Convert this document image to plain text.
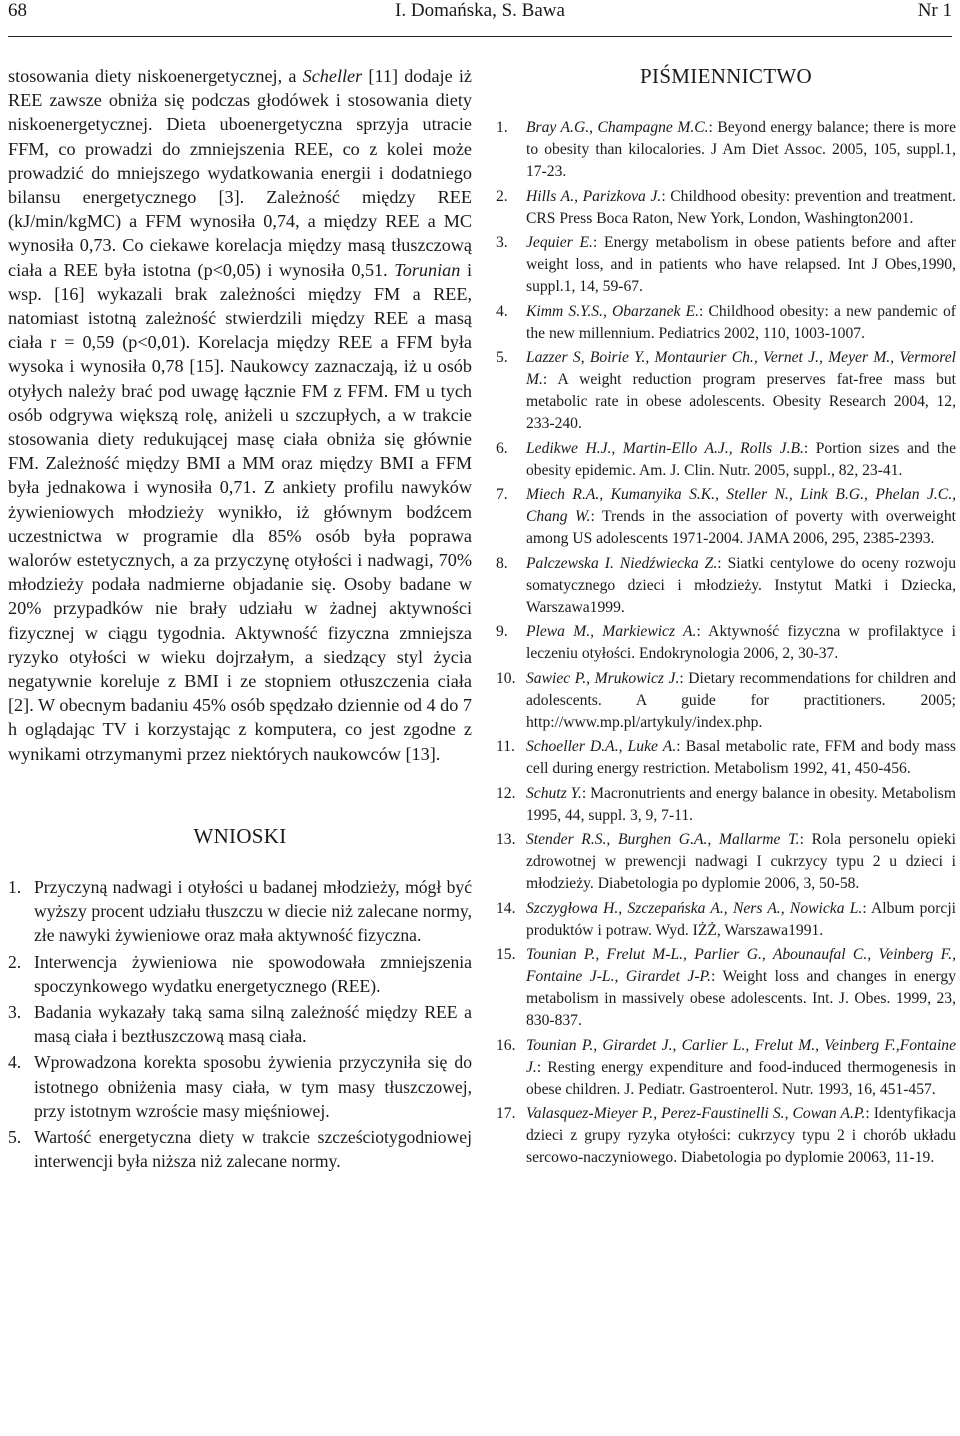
68	I. Domańska, S. Bawa	Nr 1

stosowania diety niskoenergetycznej, a Scheller [11] dodaje iż REE zawsze obniża się podczas głodówek i stosowania diety niskoenergetycznej. Dieta uboenergetyczna sprzyja utracie FFM, co prowadzi do zmniejszenia REE, co z kolei może prowadzić do mniejszego wydatkowania energii i dodatniego bilansu energetycznego [3]. Zależność między REE (kJ/min/kgMC) a FFM wynosiła 0,74, a między REE a MC wynosiła 0,73. Co ciekawe korelacja między masą tłuszczową ciała a REE była istotna (p<0,05) i wynosiła 0,51. Torunian i wsp. [16] wykazali brak zależności między FM a REE, natomiast istotną zależność stwierdzili między REE a masą ciała r = 0,59 (p<0,01). Korelacja między REE a FFM była wysoka i wynosiła 0,78 [15]. Naukowcy zaznaczają, iż u osób otyłych należy brać pod uwagę łącznie FM z FFM. FM u tych osób odgrywa większą rolę, aniżeli u szczupłych, a w trakcie stosowania diety redukującej masę ciała obniża się głównie FM. Zależność między BMI a MM oraz między BMI a FFM była jednakowa i wynosiła 0,71. Z ankiety profilu nawyków żywieniowych młodzieży wynikło, iż głównym bodźcem uczestnictwa w programie dla 85% osób była poprawa walorów estetycznych, a za przyczynę otyłości i nadwagi, 70% młodzieży podała nadmierne objadanie się. Osoby badane w 20% przypadków nie brały udziału w żadnej aktywności fizycznej w ciągu tygodnia. Aktywność fizyczna zmniejsza ryzyko otyłości w wieku dojrzałym, a siedzący styl życia negatywnie koreluje z BMI i ze stopniem otłuszczenia ciała [2]. W obecnym badaniu 45% osób spędzało dziennie od 4 do 7 h oglądając TV i korzystając z komputera, co jest zgodne z wynikami otrzymanymi przez niektórych naukowców [13].

WNIOSKI
1. Przyczyną nadwagi i otyłości u badanej młodzieży, mógł być wyższy procent udziału tłuszczu w diecie niż zalecane normy, złe nawyki żywieniowe oraz mała aktywność fizyczna.
2. Interwencja żywieniowa nie spowodowała zmniejszenia spoczynkowego wydatku energetycznego (REE).
3. Badania wykazały taką sama silną zależność między REE a masą ciała i beztłuszczową masą ciała.
4. Wprowadzona korekta sposobu żywienia przyczyniła się do istotnego obniżenia masy ciała, w tym masy tłuszczowej, przy istotnym wzroście masy mięśniowej.
5. Wartość energetyczna diety w trakcie szcześciotygodniowej interwencji była niższa niż zalecane normy.
PIŚMIENNICTWO
1. Bray A.G., Champagne M.C.: Beyond energy balance; there is more to obesity than kilocalories. J Am Diet Assoc. 2005, 105, suppl.1, 17-23.
2. Hills A., Parizkova J.: Childhood obesity: prevention and treatment. CRS Press Boca Raton, New York, London, Washington2001.
3. Jequier E.: Energy metabolism in obese patients before and after weight loss, and in patients who have relapsed. Int J Obes,1990, suppl.1, 14, 59-67.
4. Kimm S.Y.S., Obarzanek E.: Childhood obesity: a new pandemic of the new millennium. Pediatrics 2002, 110, 1003-1007.
5. Lazzer S, Boirie Y., Montaurier Ch., Vernet J., Meyer M., Vermorel M.: A weight reduction program preserves fat-free mass but metabolic rate in obese adolescents. Obesity Research 2004, 12, 233-240.
6. Ledikwe H.J., Martin-Ello A.J., Rolls J.B.: Portion sizes and the obesity epidemic. Am. J. Clin. Nutr. 2005, suppl., 82, 23-41.
7. Miech R.A., Kumanyika S.K., Steller N., Link B.G., Phelan J.C., Chang W.: Trends in the association of poverty with overweight among US adolescents 1971-2004. JAMA 2006, 295, 2385-2393.
8. Palczewska I. Niedźwiecka Z.: Siatki centylowe do oceny rozwoju somatycznego dzieci i młodzieży. Instytut Matki i Dziecka, Warszawa1999.
9. Plewa M., Markiewicz A.: Aktywność fizyczna w profilaktyce i leczeniu otyłości. Endokrynologia 2006, 2, 30-37.
10. Sawiec P., Mrukowicz J.: Dietary recommendations for children and adolescents. A guide for practitioners. 2005; http://www.mp.pl/artykuly/index.php.
11. Schoeller D.A., Luke A.: Basal metabolic rate, FFM and body mass cell during energy restriction. Metabolism 1992, 41, 450-456.
12. Schutz Y.: Macronutrients and energy balance in obesity. Metabolism 1995, 44, suppl. 3, 9, 7-11.
13. Stender R.S., Burghen G.A., Mallarme T.: Rola personelu opieki zdrowotnej w prewencji nadwagi I cukrzycy typu 2 u dzieci i młodzieży. Diabetologia po dyplomie 2006, 3, 50-58.
14. Szczygłowa H., Szczepańska A., Ners A., Nowicka L.: Album porcji produktów i potraw. Wyd. IŻŻ, Warszawa1991.
15. Tounian P., Frelut M-L., Parlier G., Abounaufal C., Veinberg F., Fontaine J-L., Girardet J-P.: Weight loss and changes in energy metabolism in massively obese adolescents. Int. J. Obes. 1999, 23, 830-837.
16. Tounian P., Girardet J., Carlier L., Frelut M., Veinberg F.,Fontaine J.: Resting energy expenditure and food-induced thermogenesis in obese children. J. Pediatr. Gastroenterol. Nutr. 1993, 16, 451-457.
17. Valasquez-Mieyer P., Perez-Faustinelli S., Cowan A.P.: Identyfikacja dzieci z grupy ryzyka otyłości: cukrzycy typu 2 i chorób układu sercowo-naczyniowego. Diabetologia po dyplomie 20063, 11-19.
